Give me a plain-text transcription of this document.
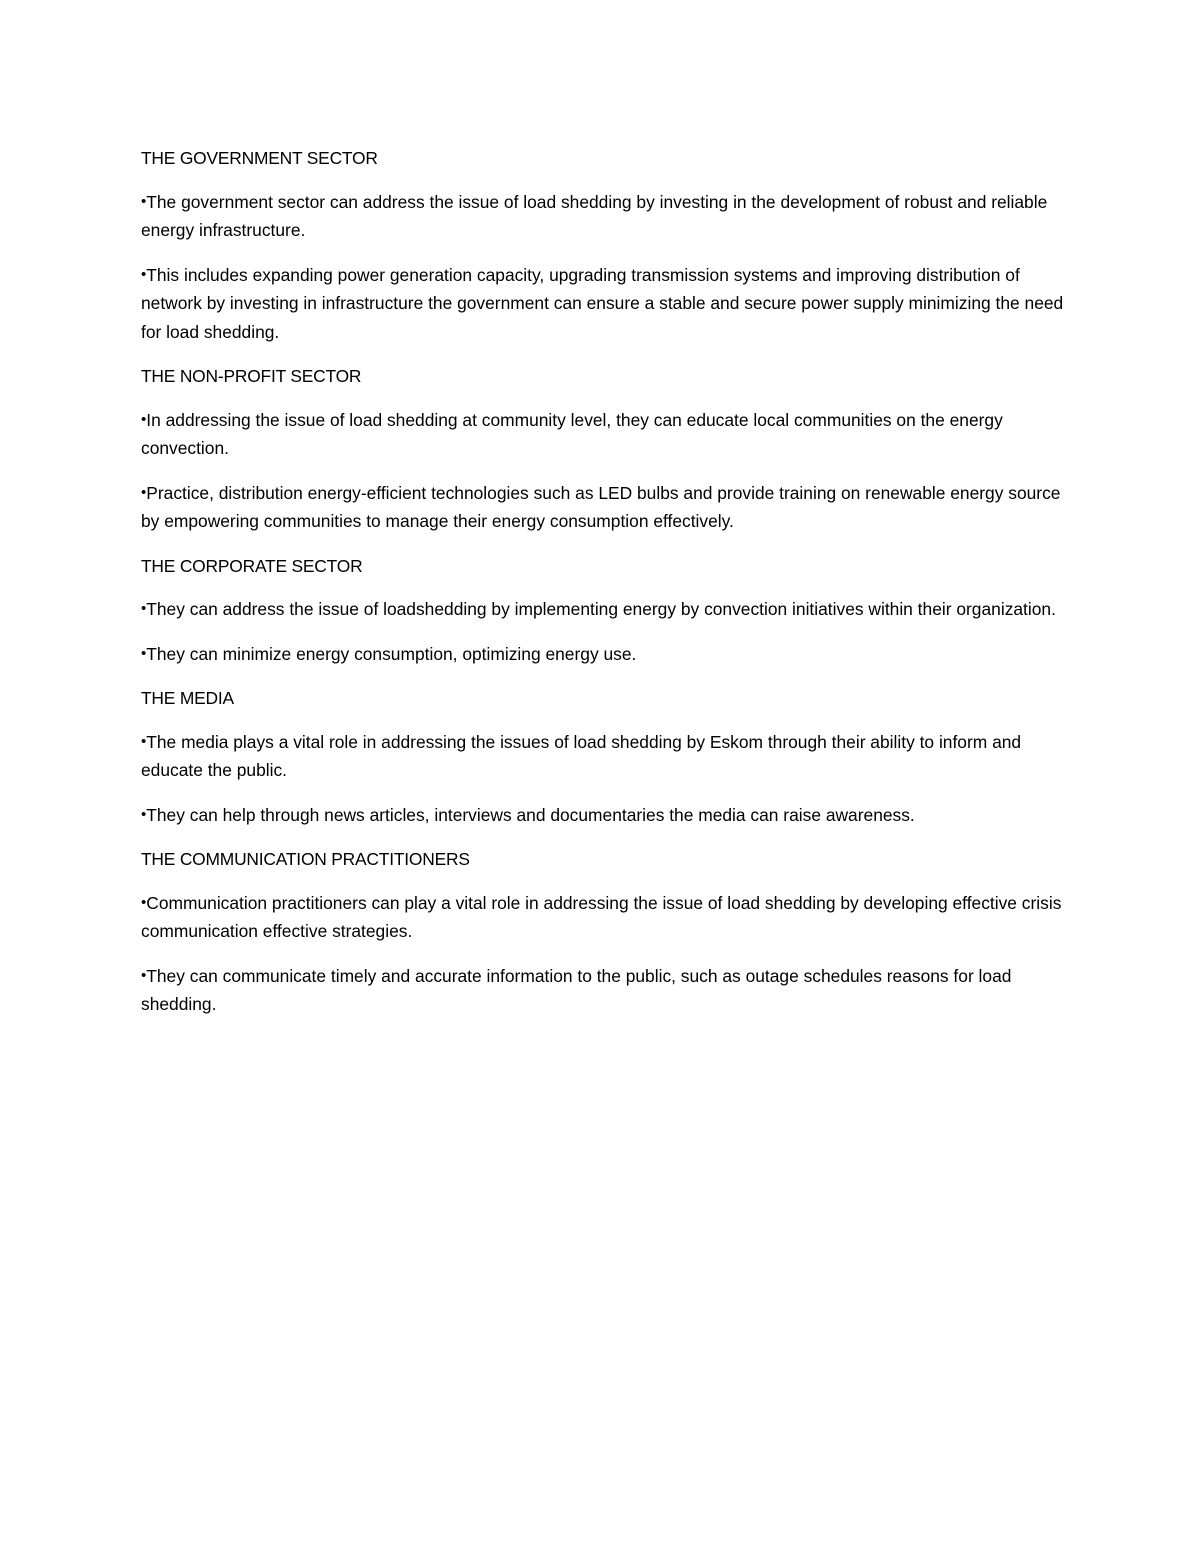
THE GOVERNMENT SECTOR

•The government sector can address the issue of load shedding by investing in the development of robust and reliable energy infrastructure.

•This includes expanding power generation capacity, upgrading transmission systems and improving distribution of network by investing in infrastructure the government can ensure a stable and secure power supply minimizing the need for load shedding.

THE NON-PROFIT SECTOR

•In addressing the issue of load shedding at community level, they can educate local communities on the energy convection.

•Practice, distribution energy-efficient technologies such as LED bulbs and provide training on renewable energy source by empowering communities to manage their energy consumption effectively.

THE CORPORATE SECTOR

•They can address the issue of loadshedding by implementing energy by convection initiatives within their organization.

•They can minimize energy consumption, optimizing energy use.

THE MEDIA

•The media plays a vital role in addressing the issues of load shedding by Eskom through their ability to inform and educate the public.

•They can help through news articles, interviews and documentaries the media can raise awareness.

THE COMMUNICATION PRACTITIONERS

•Communication practitioners can play a vital role in addressing the issue of load shedding by developing effective crisis communication effective strategies.

•They can communicate timely and accurate information to the public, such as outage schedules reasons for load shedding.
